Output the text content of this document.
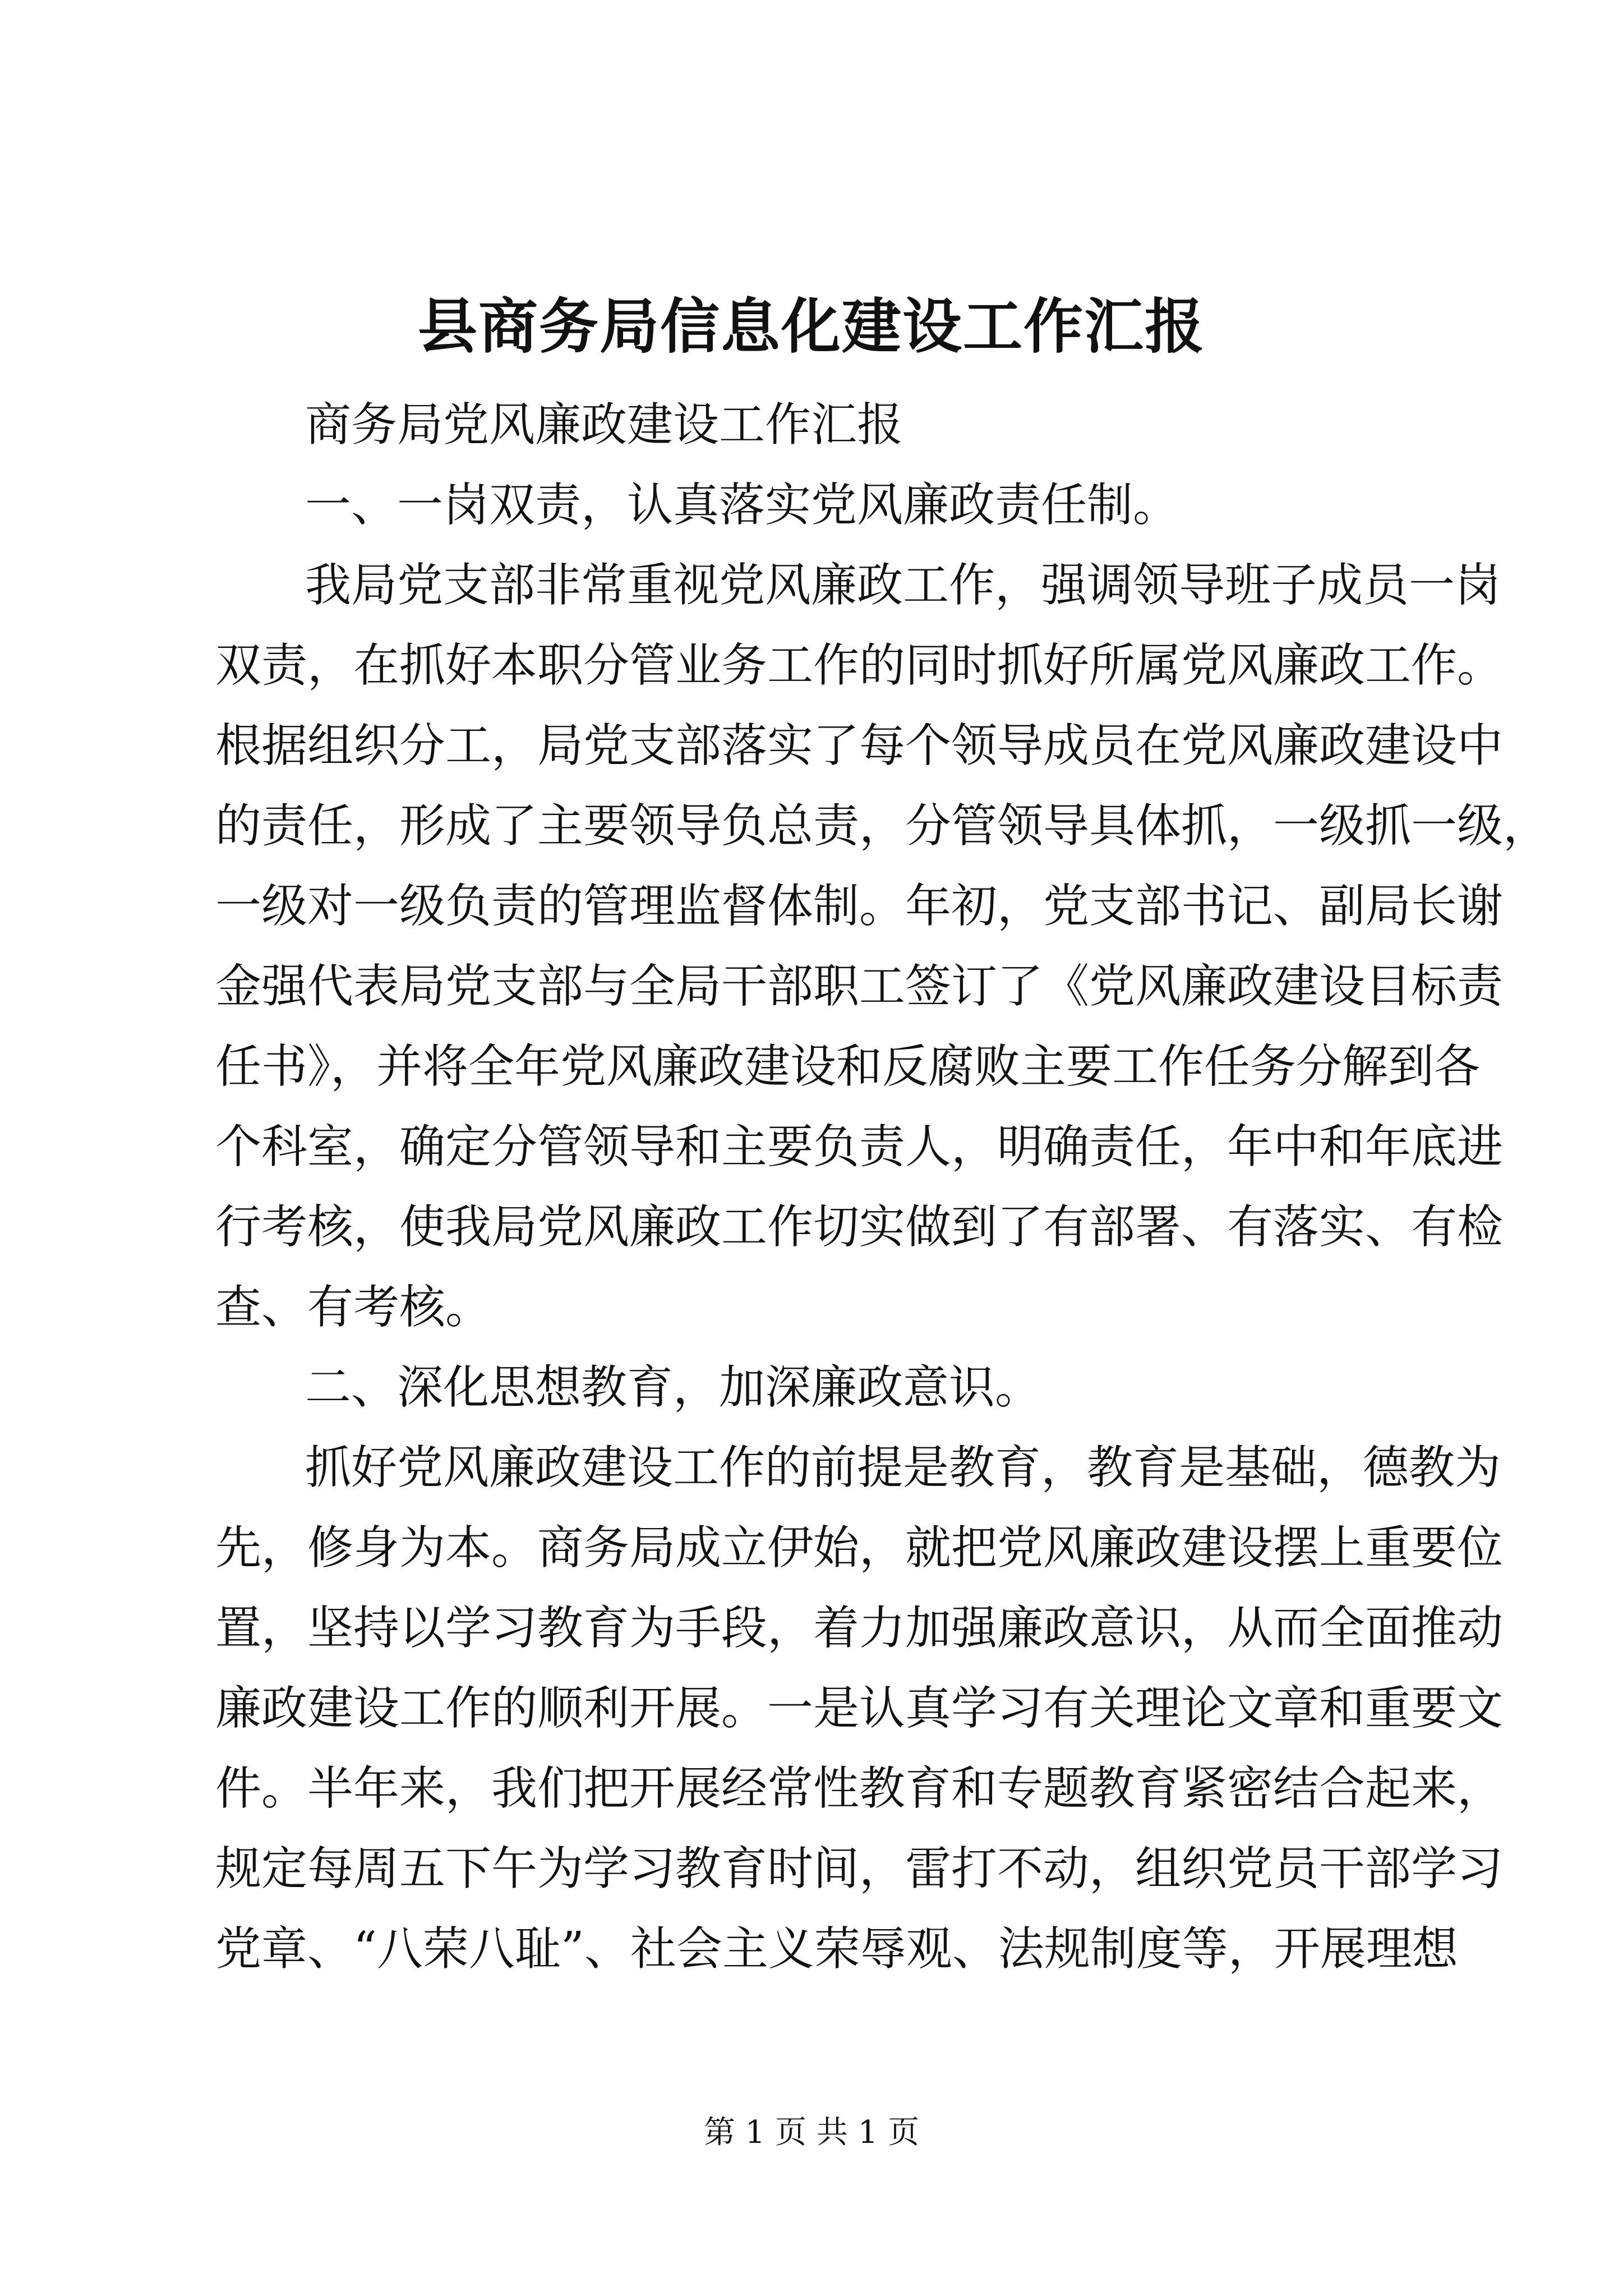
县商务局信息化建设工作汇报
商务局党风廉政建设工作汇报
一、一岗双责，认真落实党风廉政责任制。
我局党支部非常重视党风廉政工作，强调领导班子成员一岗
双责，在抓好本职分管业务工作的同时抓好所属党风廉政工作。
根据组织分工，局党支部落实了每个领导成员在党风廉政建设中
的责任，形成了主要领导负总责，分管领导具体抓，一级抓一级，
一级对一级负责的管理监督体制。年初，党支部书记、副局长谢
金强代表局党支部与全局干部职工签订了《党风廉政建设目标责
任书》，并将全年党风廉政建设和反腐败主要工作任务分解到各
个科室，确定分管领导和主要负责人，明确责任，年中和年底进
行考核，使我局党风廉政工作切实做到了有部署、有落实、有检
查、有考核。
二、深化思想教育，加深廉政意识。
抓好党风廉政建设工作的前提是教育，教育是基础，德教为
先，修身为本。商务局成立伊始，就把党风廉政建设摆上重要位
置，坚持以学习教育为手段，着力加强廉政意识，从而全面推动
廉政建设工作的顺利开展。一是认真学习有关理论文章和重要文
件。半年来，我们把开展经常性教育和专题教育紧密结合起来，
规定每周五下午为学习教育时间，雷打不动，组织党员干部学习
党章、“八荣八耻”、社会主义荣辱观、法规制度等，开展理想
第 1 页 共 1 页
